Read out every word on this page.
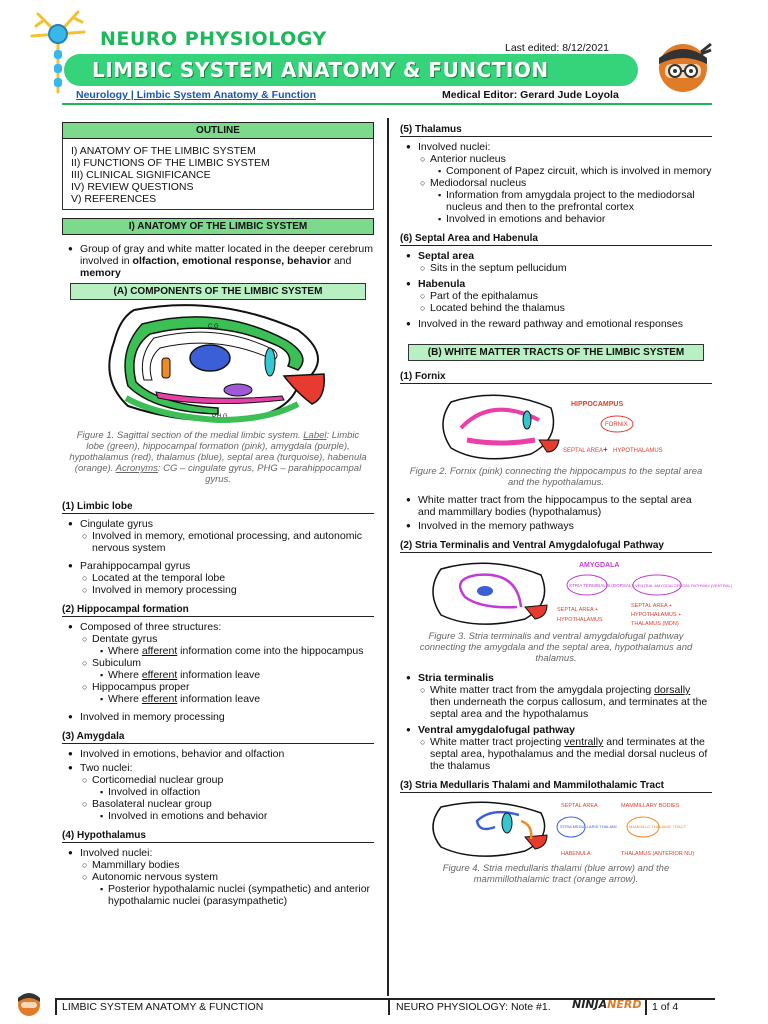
NEURO PHYSIOLOGY	Last edited: 8/12/2021
LIMBIC SYSTEM ANATOMY & FUNCTION
Neurology | Limbic System Anatomy & Function	Medical Editor: Gerard Jude Loyola
OUTLINE
I) ANATOMY OF THE LIMBIC SYSTEM
II) FUNCTIONS OF THE LIMBIC SYSTEM
III) CLINICAL SIGNIFICANCE
IV) REVIEW QUESTIONS
V) REFERENCES
I) ANATOMY OF THE LIMBIC SYSTEM
● Group of gray and white matter located in the deeper cerebrum involved in olfaction, emotional response, behavior and memory
(A) COMPONENTS OF THE LIMBIC SYSTEM
C.G
P.H.G

Figure 1. Sagittal section of the medial limbic system. Label: Limbic lobe (green), hippocampal formation (pink), amygdala (purple), hypothalamus (red), thalamus (blue), septal area (turquoise), habenula (orange). Acronyms: CG – cingulate gyrus, PHG – parahippocampal gyrus.

(1) Limbic lobe
● Cingulate gyrus
○ Involved in memory, emotional processing, and autonomic nervous system
● Parahippocampal gyrus
○ Located at the temporal lobe
○ Involved in memory processing
(2) Hippocampal formation
● Composed of three structures:
○ Dentate gyrus
▪ Where afferent information come into the hippocampus
○ Subiculum
▪ Where efferent information leave
○ Hippocampus proper
▪ Where efferent information leave
● Involved in memory processing
(3) Amygdala
● Involved in emotions, behavior and olfaction
● Two nuclei:
○ Corticomedial nuclear group
▪ Involved in olfaction
○ Basolateral nuclear group
▪ Involved in emotions and behavior
(4) Hypothalamus
● Involved nuclei:
○ Mammillary bodies
○ Autonomic nervous system
▪ Posterior hypothalamic nuclei (sympathetic) and anterior hypothalamic nuclei (parasympathetic)
(5) Thalamus
● Involved nuclei:
○ Anterior nucleus
▪ Component of Papez circuit, which is involved in memory
○ Mediodorsal nucleus
▪ Information from amygdala project to the mediodorsal nucleus and then to the prefrontal cortex
▪ Involved in emotions and behavior
(6) Septal Area and Habenula
● Septal area
○ Sits in the septum pellucidum
● Habenula
○ Part of the epithalamus
○ Located behind the thalamus
● Involved in the reward pathway and emotional responses
(B) WHITE MATTER TRACTS OF THE LIMBIC SYSTEM
(1) Fornix
HIPPOCAMPUS
FORNIX
SEPTAL AREA + HYPOTHALAMUS

Figure 2. Fornix (pink) connecting the hippocampus to the septal area and the hypothalamus.

● White matter tract from the hippocampus to the septal area and mammillary bodies (hypothalamus)
● Involved in the memory pathways
(2) Stria Terminalis and Ventral Amygdalofugal Pathway
AMYGDALA
STRIA TERMINALIS (DORSAL) VENTRAL AMYGDALOFUGAL PATHWAY (VENTRAL)
SEPTAL AREA +
HYPOTHALAMUS
SEPTAL AREA +
HYPOTHALAMUS +
THALAMUS (MDN)

Figure 3. Stria terminalis and ventral amygdalofugal pathway connecting the amygdala and the septal area, hypothalamus and thalamus.

● Stria terminalis
○ White matter tract from the amygdala projecting dorsally then underneath the corpus callosum, and terminates at the septal area and the hypothalamus
● Ventral amygdalofugal pathway
○ White matter tract projecting ventrally and terminates at the septal area, hypothalamus and the medial dorsal nucleus of the thalamus
(3) Stria Medullaris Thalami and Mammilothalamic Tract
SEPTAL AREA
STRIA MEDULLARIS THALAMI
HABENULA
MAMMILLARY BODIES
MAMMILLO THALAMIC TRACT
THALAMUS (ANTERIOR NU)

Figure 4. Stria medullaris thalami (blue arrow) and the mammillothalamic tract (orange arrow).

LIMBIC SYSTEM ANATOMY & FUNCTION	NEURO PHYSIOLOGY: Note #1. NINJANERD 1 of 4
